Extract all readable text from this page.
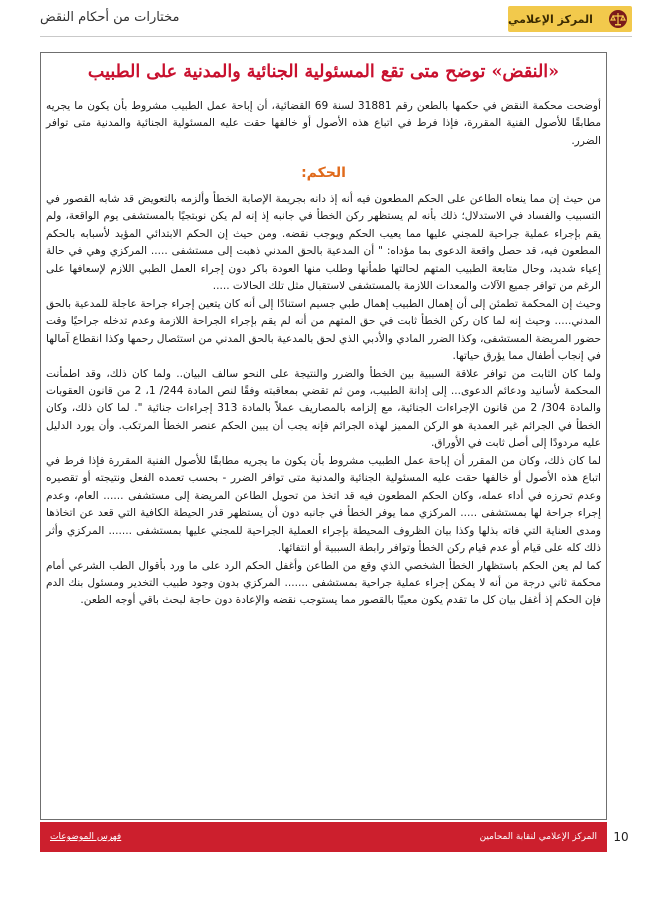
المركز الإعلامي
مختارات من أحكام النقض
«النقض» توضح متى تقع المسئولية الجنائية والمدنية على الطبيب

أوضحت محكمة النقض في حكمها بالطعن رقم 31881 لسنة 69 القضائية، أن إباحة عمل الطبيب مشروط بأن يكون ما يجريه مطابقًا للأصول الفنية المقررة، فإذا فرط في اتباع هذه الأصول أو خالفها حقت عليه المسئولية الجنائية والمدنية متى توافر الضرر.

الحكم:

من حيث إن مما ينعاه الطاعن على الحكم المطعون فيه أنه إذ دانه بجريمة الإصابة الخطأ وألزمه بالتعويض قد شابه القصور في التسبيب والفساد في الاستدلال؛ ذلك بأنه لم يستظهر ركن الخطأ في جانبه إذ إنه لم يكن نوبتجيًا بالمستشفى يوم الواقعة، ولم يقم بإجراء عملية جراحية للمجني عليها مما يعيب الحكم ويوجب نقضه. ومن حيث إن الحكم الابتدائي المؤيد لأسبابه بالحكم المطعون فيه، قد حصل واقعة الدعوى بما مؤداه: " أن المدعية بالحق المدني ذهبت إلى مستشفى ..... المركزي وهي في حالة إعياء شديد، وحال متابعة الطبيب المتهم لحالتها طمأنها وطلب منها العودة باكر دون إجراء العمل الطبي اللازم لإسعافها على الرغم من توافر جميع الآلات والمعدات اللازمة بالمستشفى لاستقبال مثل تلك الحالات .....

وحيث إن المحكمة تطمئن إلى أن إهمال الطبيب إهمال طبي جسيم استنادًا إلى أنه كان يتعين إجراء جراحة عاجلة للمدعية بالحق المدني..... وحيث إنه لما كان ركن الخطأ ثابت في حق المتهم من أنه لم يقم بإجراء الجراحة اللازمة وعدم تدخله جراحيًا وقت حضور المريضة المستشفى، وكذا الضرر المادي والأدبي الذي لحق بالمدعية بالحق المدني من استئصال رحمها وكذا انقطاع آمالها في إنجاب أطفال مما يؤرق حياتها.

ولما كان الثابت من توافر علاقة السببية بين الخطأ والضرر والنتيجة على النحو سالف البيان.. ولما كان ذلك، وقد اطمأنت المحكمة لأسانيد ودعائم الدعوى... إلى إدانة الطبيب، ومن ثم تقضي بمعاقبته وفقًا لنص المادة 244/ 1، 2 من قانون العقوبات والمادة 304/ 2 من قانون الإجراءات الجنائية، مع إلزامه بالمصاريف عملاً بالمادة 313 إجراءات جنائية ". لما كان ذلك، وكان الخطأ في الجرائم غير العمدية هو الركن المميز لهذه الجرائم فإنه يجب أن يبين الحكم عنصر الخطأ المرتكب. وأن يورد الدليل عليه مردودًا إلى أصل ثابت في الأوراق.

لما كان ذلك، وكان من المقرر أن إباحة عمل الطبيب مشروط بأن يكون ما يجريه مطابقًا للأصول الفنية المقررة فإذا فرط في اتباع هذه الأصول أو خالفها حقت عليه المسئولية الجنائية والمدنية متى توافر الضرر - بحسب تعمده الفعل ونتيجته أو تقصيره وعدم تحرزه في أداء عمله، وكان الحكم المطعون فيه قد اتخذ من تحويل الطاعن المريضة إلى مستشفى ...... العام، وعدم إجراء جراحة لها بمستشفى ..... المركزي مما يوفر الخطأ في جانبه دون أن يستظهر قدر الحيطة الكافية التي قعد عن اتخاذها ومدى العناية التي فاته بذلها وكذا بيان الظروف المحيطة بإجراء العملية الجراحية للمجني عليها بمستشفى ....... المركزي وأثر ذلك كله على قيام أو عدم قيام ركن الخطأ وتوافر رابطة السببية أو انتفائها.

كما لم يعن الحكم باستظهار الخطأ الشخصي الذي وقع من الطاعن وأغفل الحكم الرد على ما ورد بأقوال الطب الشرعي أمام محكمة ثاني درجة من أنه لا يمكن إجراء عملية جراحية بمستشفى ....... المركزي بدون وجود طبيب التخدير ومسئول بنك الدم فإن الحكم إذ أغفل بيان كل ما تقدم يكون معيبًا بالقصور مما يستوجب نقضه والإعادة دون حاجة لبحث باقي أوجه الطعن.

المركز الإعلامي لنقابة المحامين
فهرس الموضوعات	10
